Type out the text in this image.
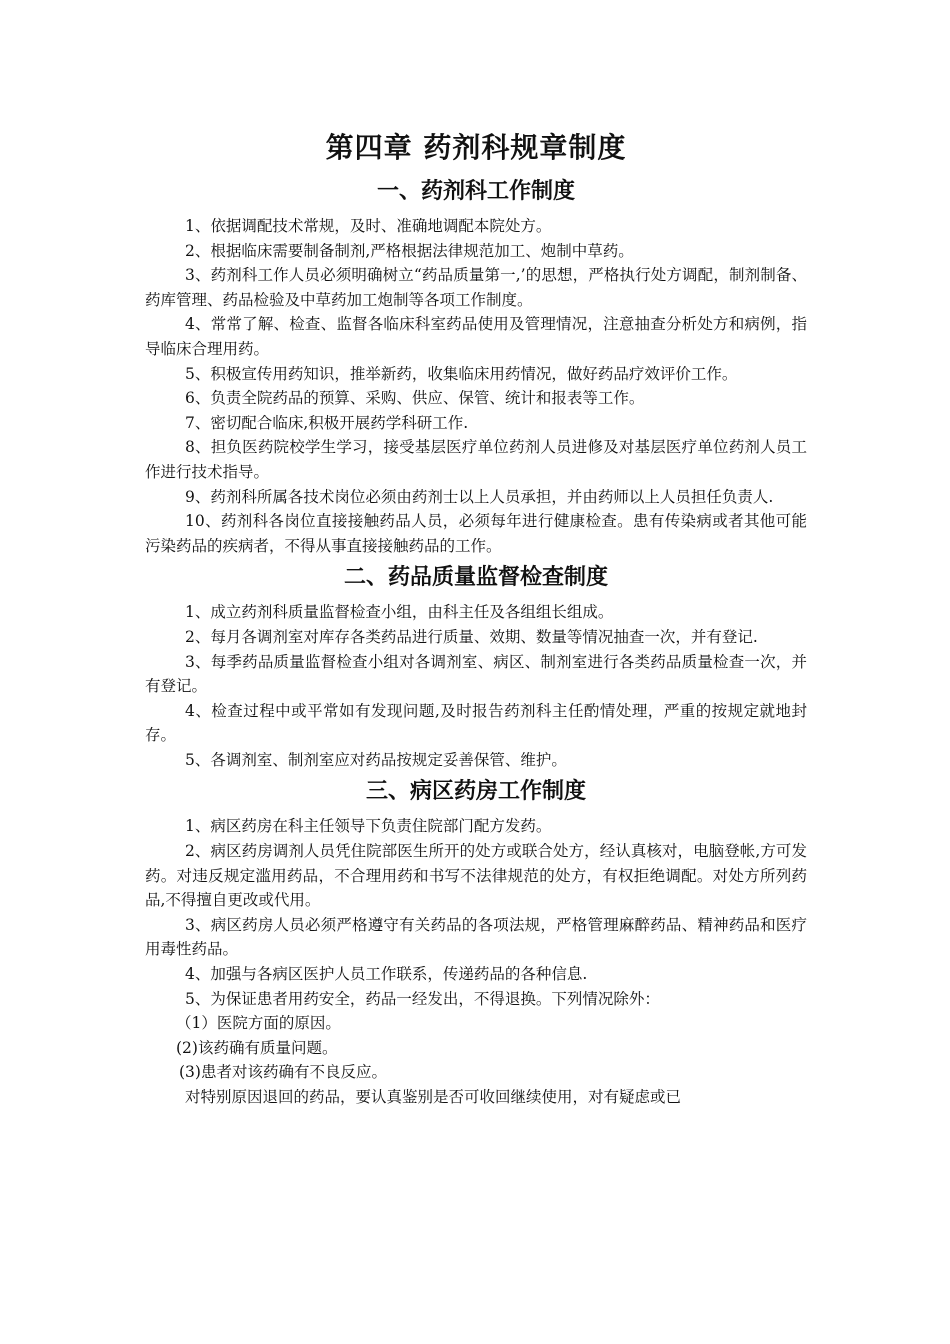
第四章 药剂科规章制度
一、药剂科工作制度

1、依据调配技术常规，及时、准确地调配本院处方。

2、根据临床需要制备制剂,严格根据法律规范加工、炮制中草药。

3、药剂科工作人员必须明确树立“药品质量第一,’的思想，严格执行处方调配，制剂制备、药库管理、药品检验及中草药加工炮制等各项工作制度。

4、常常了解、检查、监督各临床科室药品使用及管理情况，注意抽查分析处方和病例，指导临床合理用药。

5、积极宣传用药知识，推举新药，收集临床用药情况，做好药品疗效评价工作。

6、负责全院药品的预算、采购、供应、保管、统计和报表等工作。

7、密切配合临床,积极开展药学科研工作.

8、担负医药院校学生学习，接受基层医疗单位药剂人员进修及对基层医疗单位药剂人员工作进行技术指导。

9、药剂科所属各技术岗位必须由药剂士以上人员承担，并由药师以上人员担任负责人.

10、药剂科各岗位直接接触药品人员，必须每年进行健康检查。患有传染病或者其他可能污染药品的疾病者，不得从事直接接触药品的工作。

二、药品质量监督检查制度

1、成立药剂科质量监督检查小组，由科主任及各组组长组成。

2、每月各调剂室对库存各类药品进行质量、效期、数量等情况抽查一次，并有登记.

3、每季药品质量监督检查小组对各调剂室、病区、制剂室进行各类药品质量检查一次，并有登记。

4、检查过程中或平常如有发现问题,及时报告药剂科主任酌情处理，严重的按规定就地封存。

5、各调剂室、制剂室应对药品按规定妥善保管、维护。

三、病区药房工作制度

1、病区药房在科主任领导下负责住院部门配方发药。

2、病区药房调剂人员凭住院部医生所开的处方或联合处方，经认真核对，电脑登帐,方可发药。对违反规定滥用药品，不合理用药和书写不法律规范的处方，有权拒绝调配。对处方所列药品,不得擅自更改或代用。

3、病区药房人员必须严格遵守有关药品的各项法规，严格管理麻醉药品、精神药品和医疗用毒性药品。

4、加强与各病区医护人员工作联系，传递药品的各种信息.

5、为保证患者用药安全，药品一经发出，不得退换。下列情况除外：

（1）医院方面的原因。

(2)该药确有质量问题。

(3)患者对该药确有不良反应。

对特别原因退回的药品，要认真鉴别是否可收回继续使用，对有疑虑或已
